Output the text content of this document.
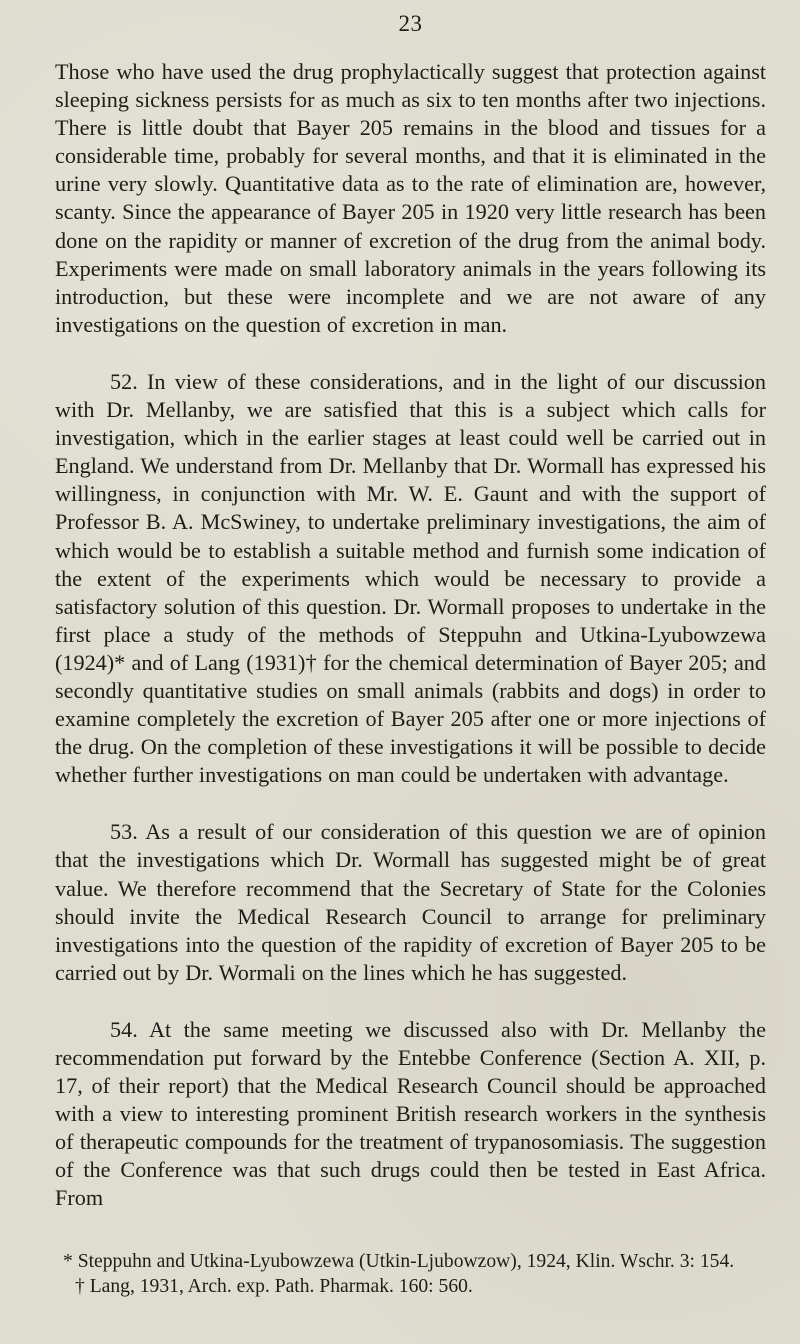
23

Those who have used the drug prophylactically suggest that protection against sleeping sickness persists for as much as six to ten months after two injections. There is little doubt that Bayer 205 remains in the blood and tissues for a considerable time, probably for several months, and that it is eliminated in the urine very slowly. Quantitative data as to the rate of elimination are, however, scanty. Since the appearance of Bayer 205 in 1920 very little research has been done on the rapidity or manner of excretion of the drug from the animal body. Experiments were made on small laboratory animals in the years following its introduction, but these were incomplete and we are not aware of any investigations on the question of excretion in man.

52. In view of these considerations, and in the light of our discussion with Dr. Mellanby, we are satisfied that this is a subject which calls for investigation, which in the earlier stages at least could well be carried out in England. We understand from Dr. Mellanby that Dr. Wormall has expressed his willingness, in conjunction with Mr. W. E. Gaunt and with the support of Professor B. A. McSwiney, to undertake preliminary investigations, the aim of which would be to establish a suitable method and furnish some indication of the extent of the experiments which would be necessary to provide a satisfactory solution of this question. Dr. Wormall proposes to undertake in the first place a study of the methods of Steppuhn and Utkina-Lyubowzewa (1924)* and of Lang (1931)† for the chemical determination of Bayer 205; and secondly quantitative studies on small animals (rabbits and dogs) in order to examine completely the excretion of Bayer 205 after one or more injections of the drug. On the completion of these investigations it will be possible to decide whether further investigations on man could be undertaken with advantage.

53. As a result of our consideration of this question we are of opinion that the investigations which Dr. Wormall has suggested might be of great value. We therefore recommend that the Secretary of State for the Colonies should invite the Medical Research Council to arrange for preliminary investigations into the question of the rapidity of excretion of Bayer 205 to be carried out by Dr. Wormali on the lines which he has suggested.

54. At the same meeting we discussed also with Dr. Mellanby the recommendation put forward by the Entebbe Conference (Section A. XII, p. 17, of their report) that the Medical Research Council should be approached with a view to interesting prominent British research workers in the synthesis of therapeutic compounds for the treatment of trypanosomiasis. The suggestion of the Conference was that such drugs could then be tested in East Africa. From

* Steppuhn and Utkina-Lyubowzewa (Utkin-Ljubowzow), 1924, Klin. Wschr. 3: 154.

† Lang, 1931, Arch. exp. Path. Pharmak. 160: 560.
